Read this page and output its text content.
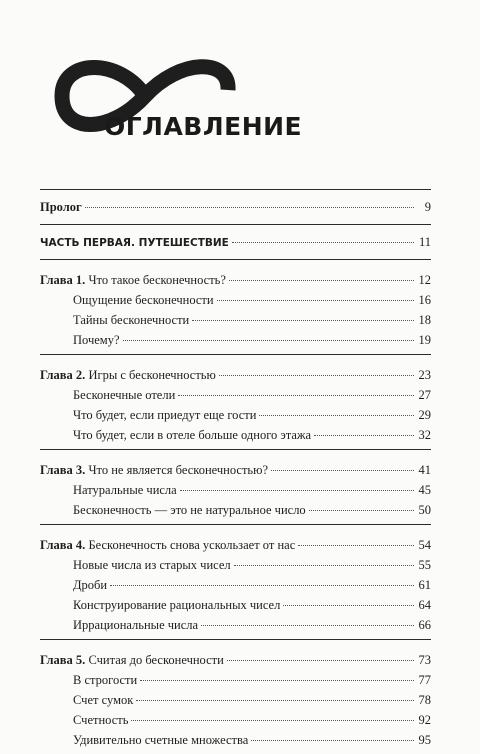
ОГЛАВЛЕНИЕ
Пролог	9
ЧАСТЬ ПЕРВАЯ. ПУТЕШЕСТВИЕ	11
Глава 1. Что такое бесконечность?	12
Ощущение бесконечности	16
Тайны бесконечности	18
Почему?	19
Глава 2. Игры с бесконечностью	23
Бесконечные отели	27
Что будет, если приедут еще гости	29
Что будет, если в отеле больше одного этажа	32
Глава 3. Что не является бесконечностью?	41
Натуральные числа	45
Бесконечность — это не натуральное число	50
Глава 4. Бесконечность снова ускользает от нас	54
Новые числа из старых чисел	55
Дроби	61
Конструирование рациональных чисел	64
Иррациональные числа	66
Глава 5. Считая до бесконечности	73
В строгости	77
Счет сумок	78
Счетность	92
Удивительно счетные множества	95
